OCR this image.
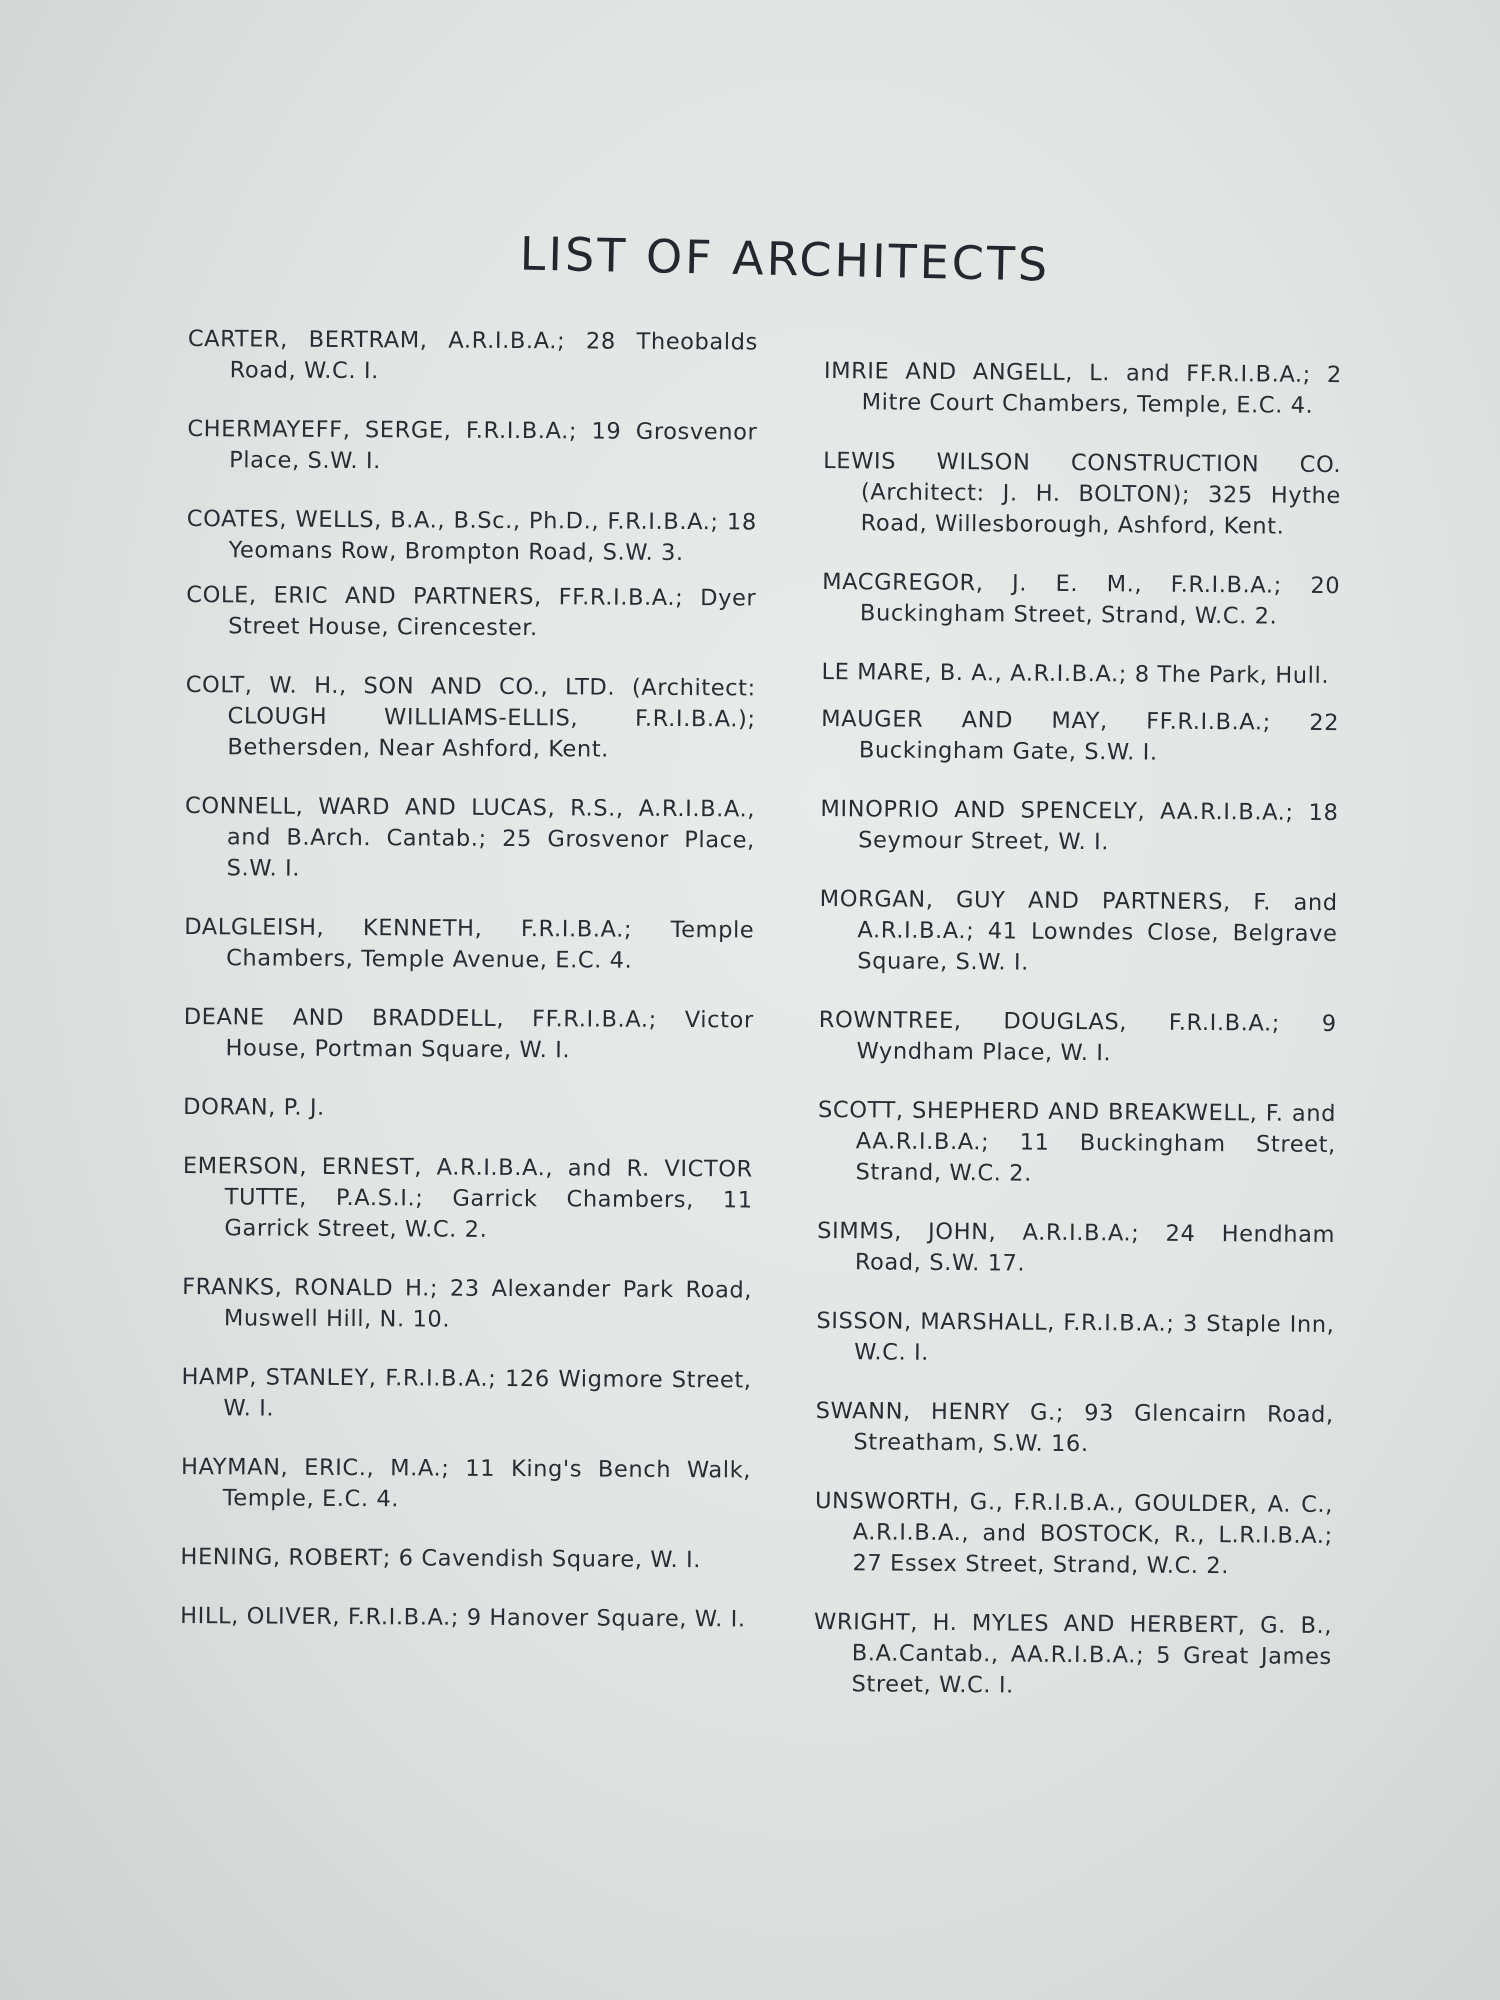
LIST OF ARCHITECTS

CARTER, BERTRAM, A.R.I.B.A.; 28 Theobalds Road, W.C. I.

CHERMAYEFF, SERGE, F.R.I.B.A.; 19 Grosvenor Place, S.W. I.

COATES, WELLS, B.A., B.Sc., Ph.D., F.R.I.B.A.; 18 Yeomans Row, Brompton Road, S.W. 3.

COLE, ERIC AND PARTNERS, FF.R.I.B.A.; Dyer Street House, Cirencester.

COLT, W. H., SON AND CO., LTD. (Architect: CLOUGH WILLIAMS-ELLIS, F.R.I.B.A.); Bethersden, Near Ashford, Kent.

CONNELL, WARD AND LUCAS, R.S., A.R.I.B.A., and B.Arch. Cantab.; 25 Grosvenor Place, S.W. I.

DALGLEISH, KENNETH, F.R.I.B.A.; Temple Chambers, Temple Avenue, E.C. 4.

DEANE AND BRADDELL, FF.R.I.B.A.; Victor House, Portman Square, W. I.

DORAN, P. J.

EMERSON, ERNEST, A.R.I.B.A., and R. VICTOR TUTTE, P.A.S.I.; Garrick Chambers, 11 Garrick Street, W.C. 2.

FRANKS, RONALD H.; 23 Alexander Park Road, Muswell Hill, N. 10.

HAMP, STANLEY, F.R.I.B.A.; 126 Wigmore Street, W. I.

HAYMAN, ERIC., M.A.; 11 King's Bench Walk, Temple, E.C. 4.

HENING, ROBERT; 6 Cavendish Square, W. I.

HILL, OLIVER, F.R.I.B.A.; 9 Hanover Square, W. I.

IMRIE AND ANGELL, L. and FF.R.I.B.A.; 2 Mitre Court Chambers, Temple, E.C. 4.

LEWIS WILSON CONSTRUCTION CO. (Architect: J. H. BOLTON); 325 Hythe Road, Willesborough, Ashford, Kent.

MACGREGOR, J. E. M., F.R.I.B.A.; 20 Buckingham Street, Strand, W.C. 2.

LE MARE, B. A., A.R.I.B.A.; 8 The Park, Hull.

MAUGER AND MAY, FF.R.I.B.A.; 22 Buckingham Gate, S.W. I.

MINOPRIO AND SPENCELY, AA.R.I.B.A.; 18 Seymour Street, W. I.

MORGAN, GUY AND PARTNERS, F. and A.R.I.B.A.; 41 Lowndes Close, Belgrave Square, S.W. I.

ROWNTREE, DOUGLAS, F.R.I.B.A.; 9 Wyndham Place, W. I.

SCOTT, SHEPHERD AND BREAKWELL, F. and AA.R.I.B.A.; 11 Buckingham Street, Strand, W.C. 2.

SIMMS, JOHN, A.R.I.B.A.; 24 Hendham Road, S.W. 17.

SISSON, MARSHALL, F.R.I.B.A.; 3 Staple Inn, W.C. I.

SWANN, HENRY G.; 93 Glencairn Road, Streatham, S.W. 16.

UNSWORTH, G., F.R.I.B.A., GOULDER, A. C., A.R.I.B.A., and BOSTOCK, R., L.R.I.B.A.; 27 Essex Street, Strand, W.C. 2.

WRIGHT, H. MYLES AND HERBERT, G. B., B.A.Cantab., AA.R.I.B.A.; 5 Great James Street, W.C. I.
